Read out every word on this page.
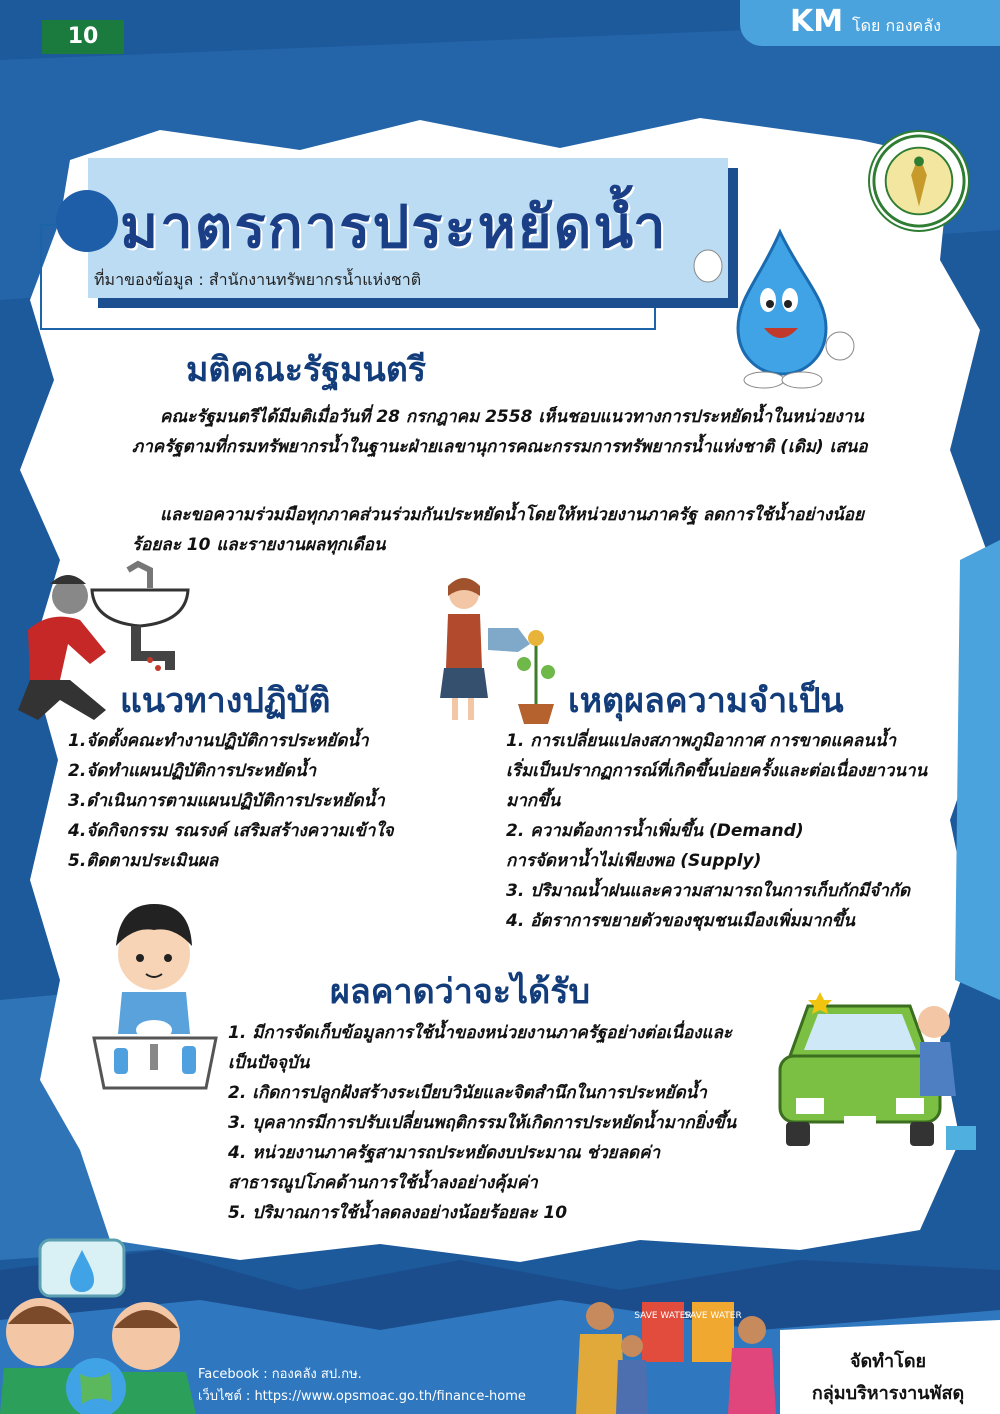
10	KM โดย กองคลัง
มาตรการประหยัดน้ำ
ที่มาของข้อมูล : สำนักงานทรัพยากรน้ำแห่งชาติ
มติคณะรัฐมนตรี
คณะรัฐมนตรีได้มีมติเมื่อวันที่ 28 กรกฎาคม 2558 เห็นชอบแนวทางการประหยัดน้ำในหน่วยงานภาครัฐตามที่กรมทรัพยากรน้ำในฐานะฝ่ายเลขานุการคณะกรรมการทรัพยากรน้ำแห่งชาติ (เดิม) เสนอ
และขอความร่วมมือทุกภาคส่วนร่วมกันประหยัดน้ำโดยให้หน่วยงานภาครัฐ ลดการใช้น้ำอย่างน้อยร้อยละ 10 และรายงานผลทุกเดือน
แนวทางปฏิบัติ
1.จัดตั้งคณะทำงานปฏิบัติการประหยัดน้ำ
2.จัดทำแผนปฏิบัติการประหยัดน้ำ
3.ดำเนินการตามแผนปฏิบัติการประหยัดน้ำ
4.จัดกิจกรรม รณรงค์ เสริมสร้างความเข้าใจ
5.ติดตามประเมินผล
เหตุผลความจำเป็น
1. การเปลี่ยนแปลงสภาพภูมิอากาศ การขาดแคลนน้ำ
เริ่มเป็นปรากฏการณ์ที่เกิดขึ้นบ่อยครั้งและต่อเนื่องยาวนาน
มากขึ้น
2. ความต้องการน้ำเพิ่มขึ้น (Demand)
การจัดหาน้ำไม่เพียงพอ (Supply)
3. ปริมาณน้ำฝนและความสามารถในการเก็บกักมีจำกัด
4. อัตราการขยายตัวของชุมชนเมืองเพิ่มมากขึ้น
ผลคาดว่าจะได้รับ
1. มีการจัดเก็บข้อมูลการใช้น้ำของหน่วยงานภาครัฐอย่างต่อเนื่องและ
เป็นปัจจุบัน
2. เกิดการปลูกฝังสร้างระเบียบวินัยและจิตสำนึกในการประหยัดน้ำ
3. บุคลากรมีการปรับเปลี่ยนพฤติกรรมให้เกิดการประหยัดน้ำมากยิ่งขึ้น
4. หน่วยงานภาครัฐสามารถประหยัดงบประมาณ ช่วยลดค่า
สาธารณูปโภคด้านการใช้น้ำลงอย่างคุ้มค่า
5. ปริมาณการใช้น้ำลดลงอย่างน้อยร้อยละ 10
SAVE WATER
SAVE WATER
Facebook : กองคลัง สป.กษ.
เว็บไซต์ : https://www.opsmoac.go.th/finance-home
จัดทำโดย
กลุ่มบริหารงานพัสดุ
